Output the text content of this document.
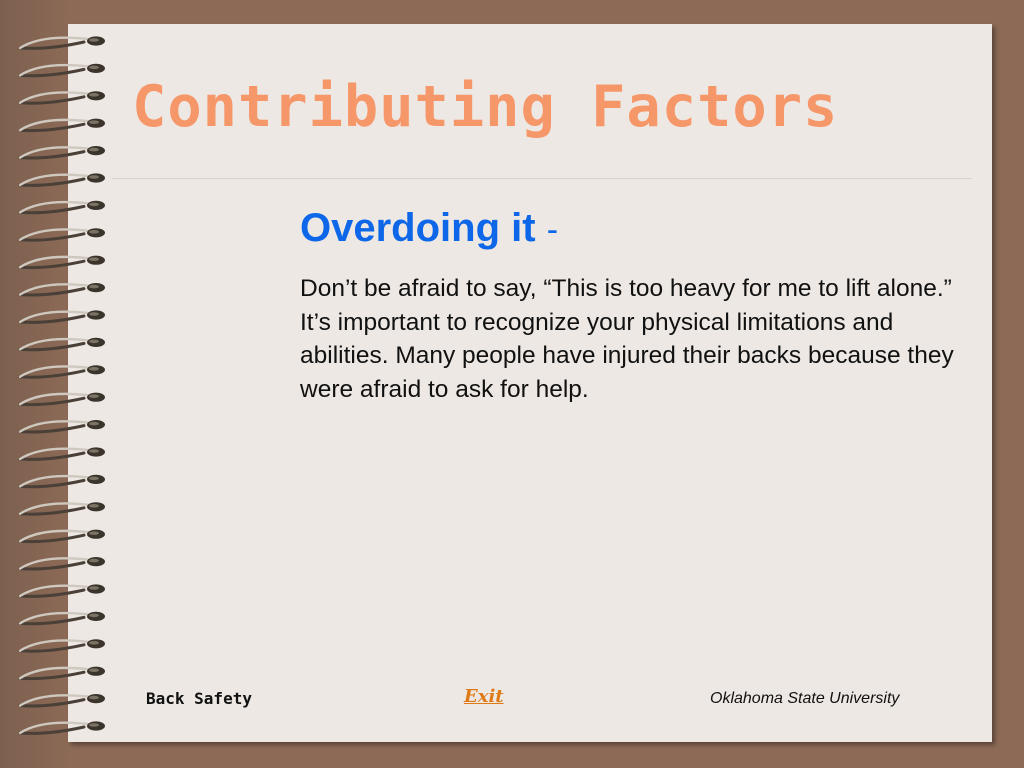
Contributing Factors
Overdoing it -

Don’t be afraid to say, “This is too heavy for me to lift alone.” It’s important to recognize your physical limitations and abilities. Many people have injured their backs because they were afraid to ask for help.

Back Safety	Exit	Oklahoma State University
